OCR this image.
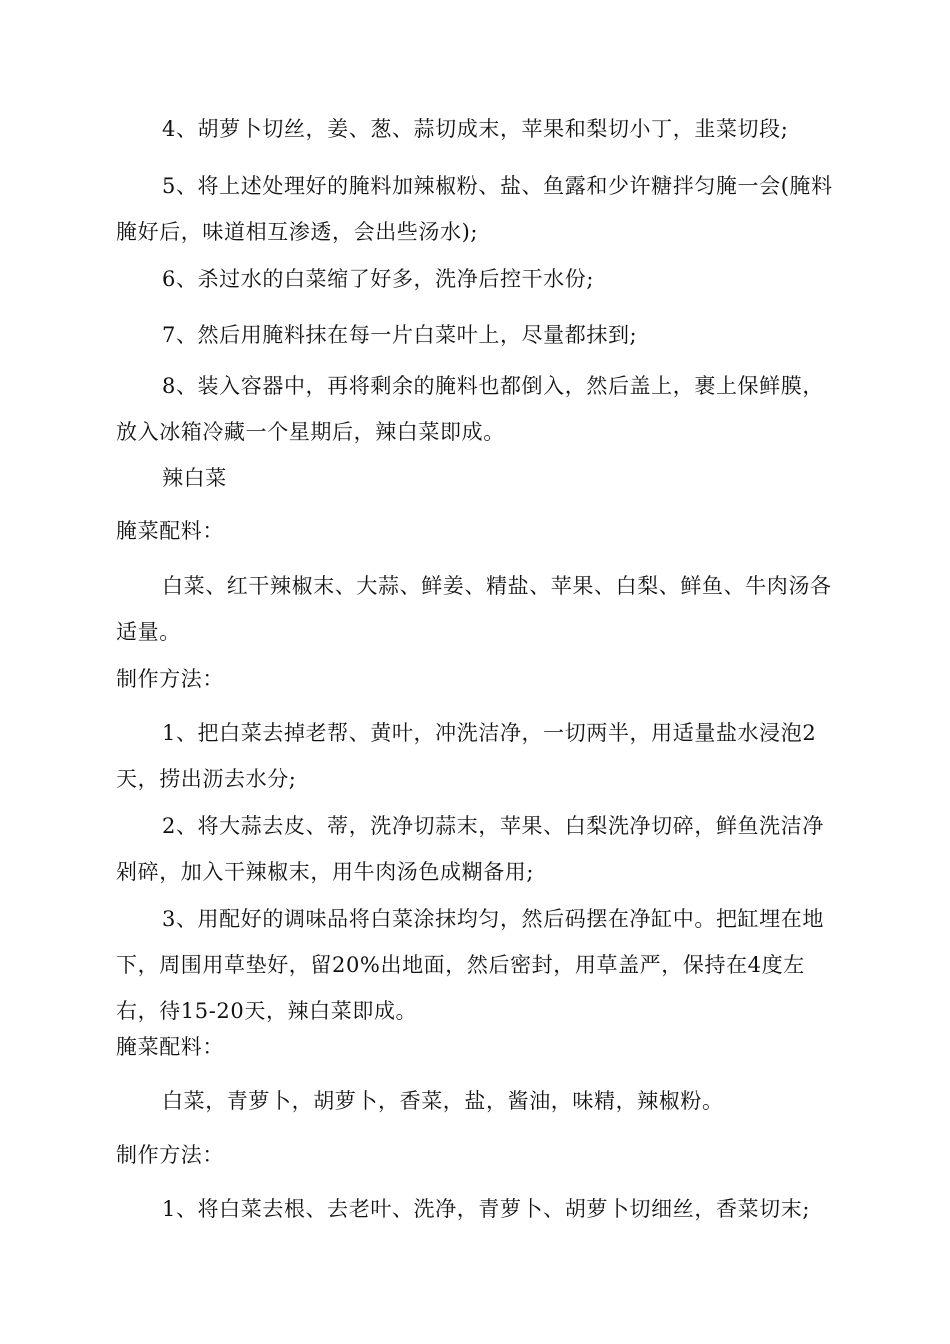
4、胡萝卜切丝，姜、葱、蒜切成末，苹果和梨切小丁，韭菜切段;

5、将上述处理好的腌料加辣椒粉、盐、鱼露和少许糖拌匀腌一会(腌料腌好后，味道相互渗透，会出些汤水);

6、杀过水的白菜缩了好多，洗净后控干水份;

7、然后用腌料抹在每一片白菜叶上，尽量都抹到;

8、装入容器中，再将剩余的腌料也都倒入，然后盖上，裹上保鲜膜，放入冰箱冷藏一个星期后，辣白菜即成。

辣白菜

腌菜配料：

白菜、红干辣椒末、大蒜、鲜姜、精盐、苹果、白梨、鲜鱼、牛肉汤各适量。

制作方法：

1、把白菜去掉老帮、黄叶，冲洗洁净，一切两半，用适量盐水浸泡2天，捞出沥去水分;

2、将大蒜去皮、蒂，洗净切蒜末，苹果、白梨洗净切碎，鲜鱼洗洁净剁碎，加入干辣椒末，用牛肉汤色成糊备用;

3、用配好的调味品将白菜涂抹均匀，然后码摆在净缸中。把缸埋在地下，周围用草垫好，留20%出地面，然后密封，用草盖严，保持在4度左右，待15-20天，辣白菜即成。

腌菜配料：

白菜，青萝卜，胡萝卜，香菜，盐，酱油，味精，辣椒粉。

制作方法：

1、将白菜去根、去老叶、洗净，青萝卜、胡萝卜切细丝，香菜切末;
